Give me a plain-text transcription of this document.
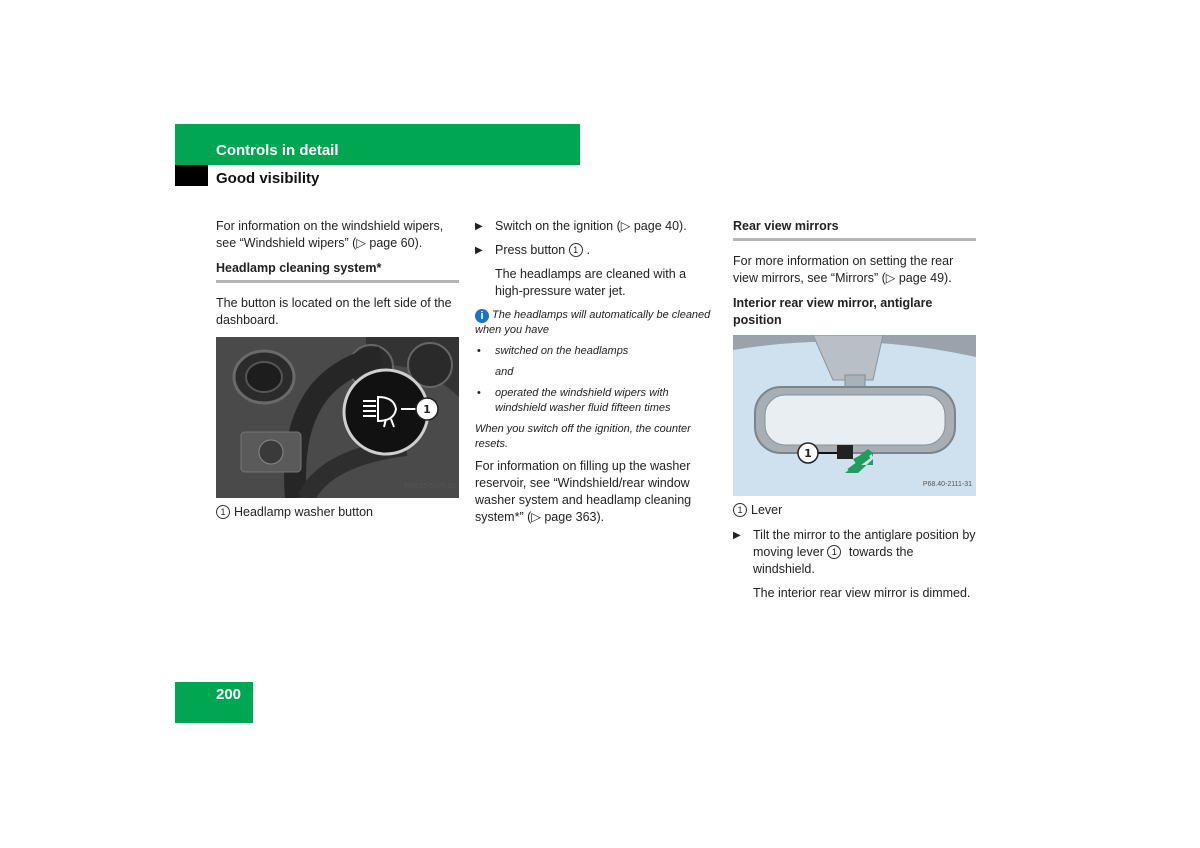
Controls in detail
Good visibility

For information on the windshield wipers, see “Windshield wipers” (▷ page 60).

Headlamp cleaning system*

The button is located on the left side of the dashboard.

1
P54.25-5175-31

1 Headlamp washer button

▶ Switch on the ignition (▷ page 40).

▶ Press button 1 .

The headlamps are cleaned with a high-pressure water jet.

i The headlamps will automatically be cleaned when you have

• switched on the headlamps

and

• operated the windshield wipers with windshield washer fluid fifteen times

When you switch off the ignition, the counter resets.

For information on filling up the washer reservoir, see “Windshield/rear window washer system and headlamp cleaning system*” (▷ page 363).

Rear view mirrors

For more information on setting the rear view mirrors, see “Mirrors” (▷ page 49).

Interior rear view mirror, antiglare position

1
P68.40-2111-31

1 Lever

▶ Tilt the mirror to the antiglare position by moving lever 1 towards the windshield.

The interior rear view mirror is dimmed.

200
